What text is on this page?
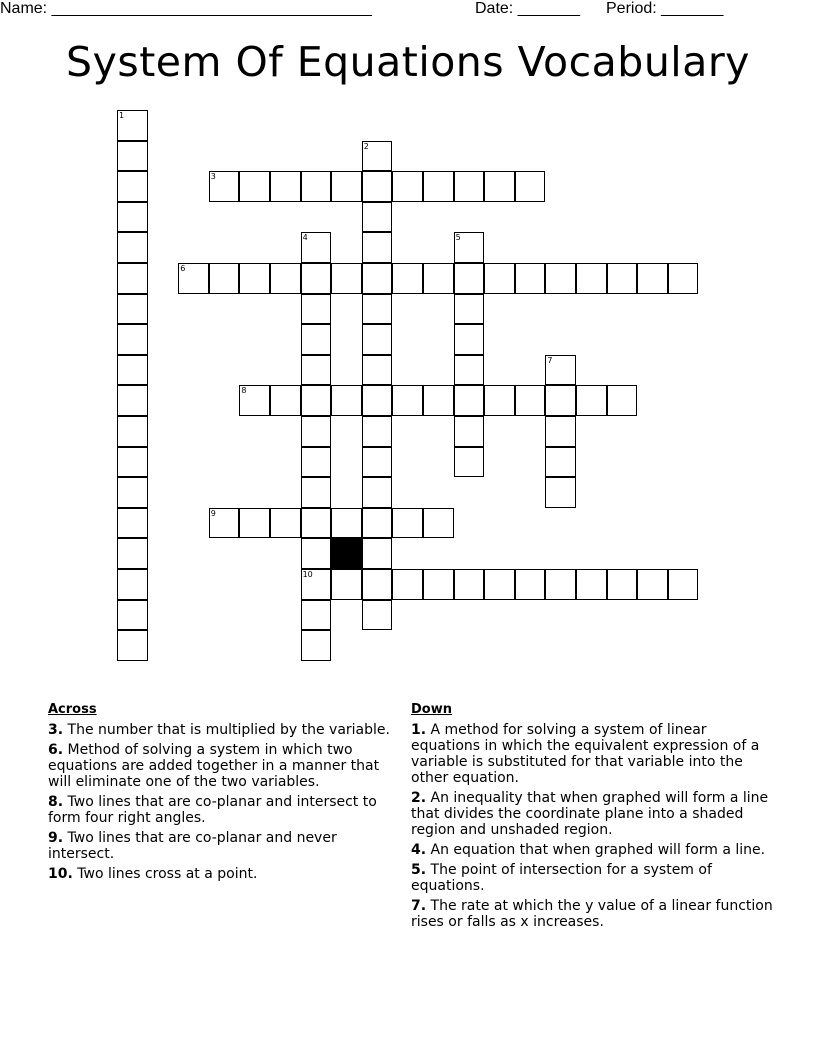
Name: ____________________________________	Date: _______ Period: _______
System Of Equations Vocabulary
1
2
3
4
10
5
6
7
8
9
Across
3. The number that is multiplied by the variable.
6. Method of solving a system in which two equations are added together in a manner that will eliminate one of the two variables.
8. Two lines that are co-planar and intersect to form four right angles.
9. Two lines that are co-planar and never intersect.
10. Two lines cross at a point.
Down
1. A method for solving a system of linear equations in which the equivalent expression of a variable is substituted for that variable into the other equation.
2. An inequality that when graphed will form a line that divides the coordinate plane into a shaded region and unshaded region.
4. An equation that when graphed will form a line.
5. The point of intersection for a system of equations.
7. The rate at which the y value of a linear function rises or falls as x increases.
